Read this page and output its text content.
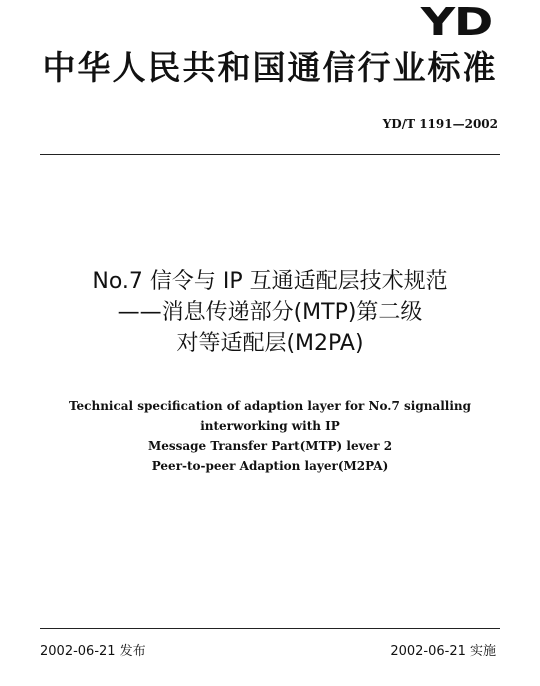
YD
中华人民共和国通信行业标准
YD/T 1191—2002
No.7 信令与 IP 互通适配层技术规范
——消息传递部分(MTP)第二级
对等适配层(M2PA)
Technical specification of adaption layer for No.7 signalling
interworking with IP
Message Transfer Part(MTP) lever 2
Peer-to-peer Adaption layer(M2PA)
2002-06-21 发布	2002-06-21 实施
